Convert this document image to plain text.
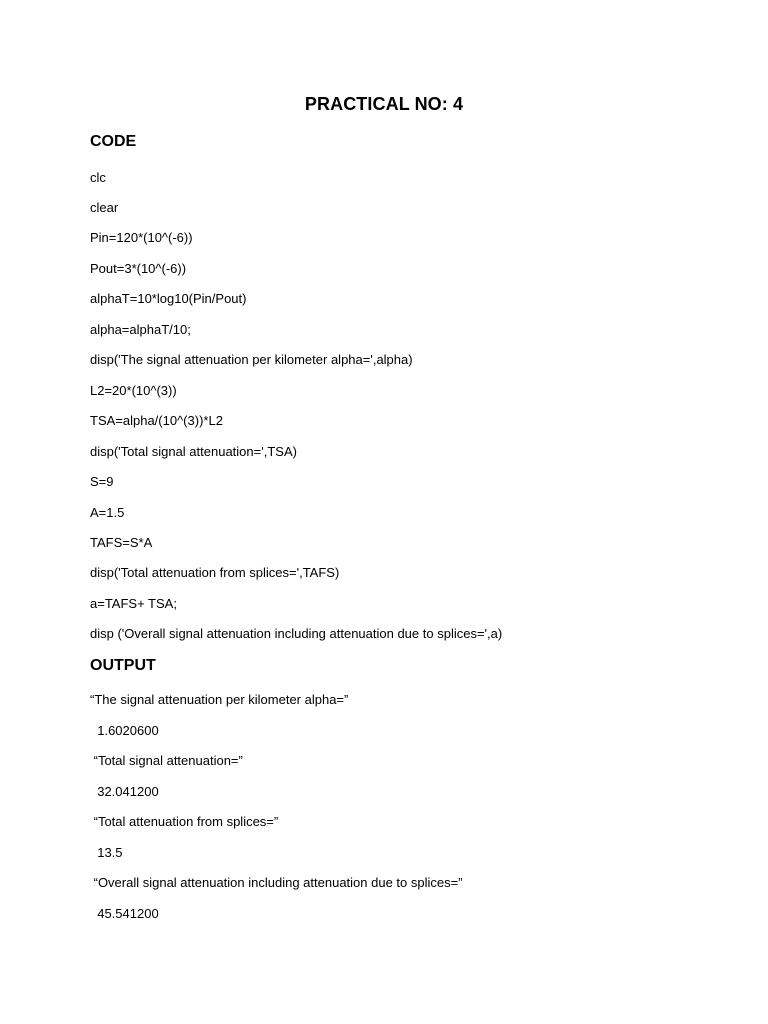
PRACTICAL NO: 4
CODE
clc
clear
Pin=120*(10^(-6))
Pout=3*(10^(-6))
alphaT=10*log10(Pin/Pout)
alpha=alphaT/10;
disp('The signal attenuation per kilometer alpha=',alpha)
L2=20*(10^(3))
TSA=alpha/(10^(3))*L2
disp('Total signal attenuation=',TSA)
S=9
A=1.5
TAFS=S*A
disp('Total attenuation from splices=',TAFS)
a=TAFS+ TSA;
disp ('Overall signal attenuation including attenuation due to splices=',a)
OUTPUT
“The signal attenuation per kilometer alpha=”
1.6020600
“Total signal attenuation=”
32.041200
“Total attenuation from splices=”
13.5
“Overall signal attenuation including attenuation due to splices=”
45.541200
